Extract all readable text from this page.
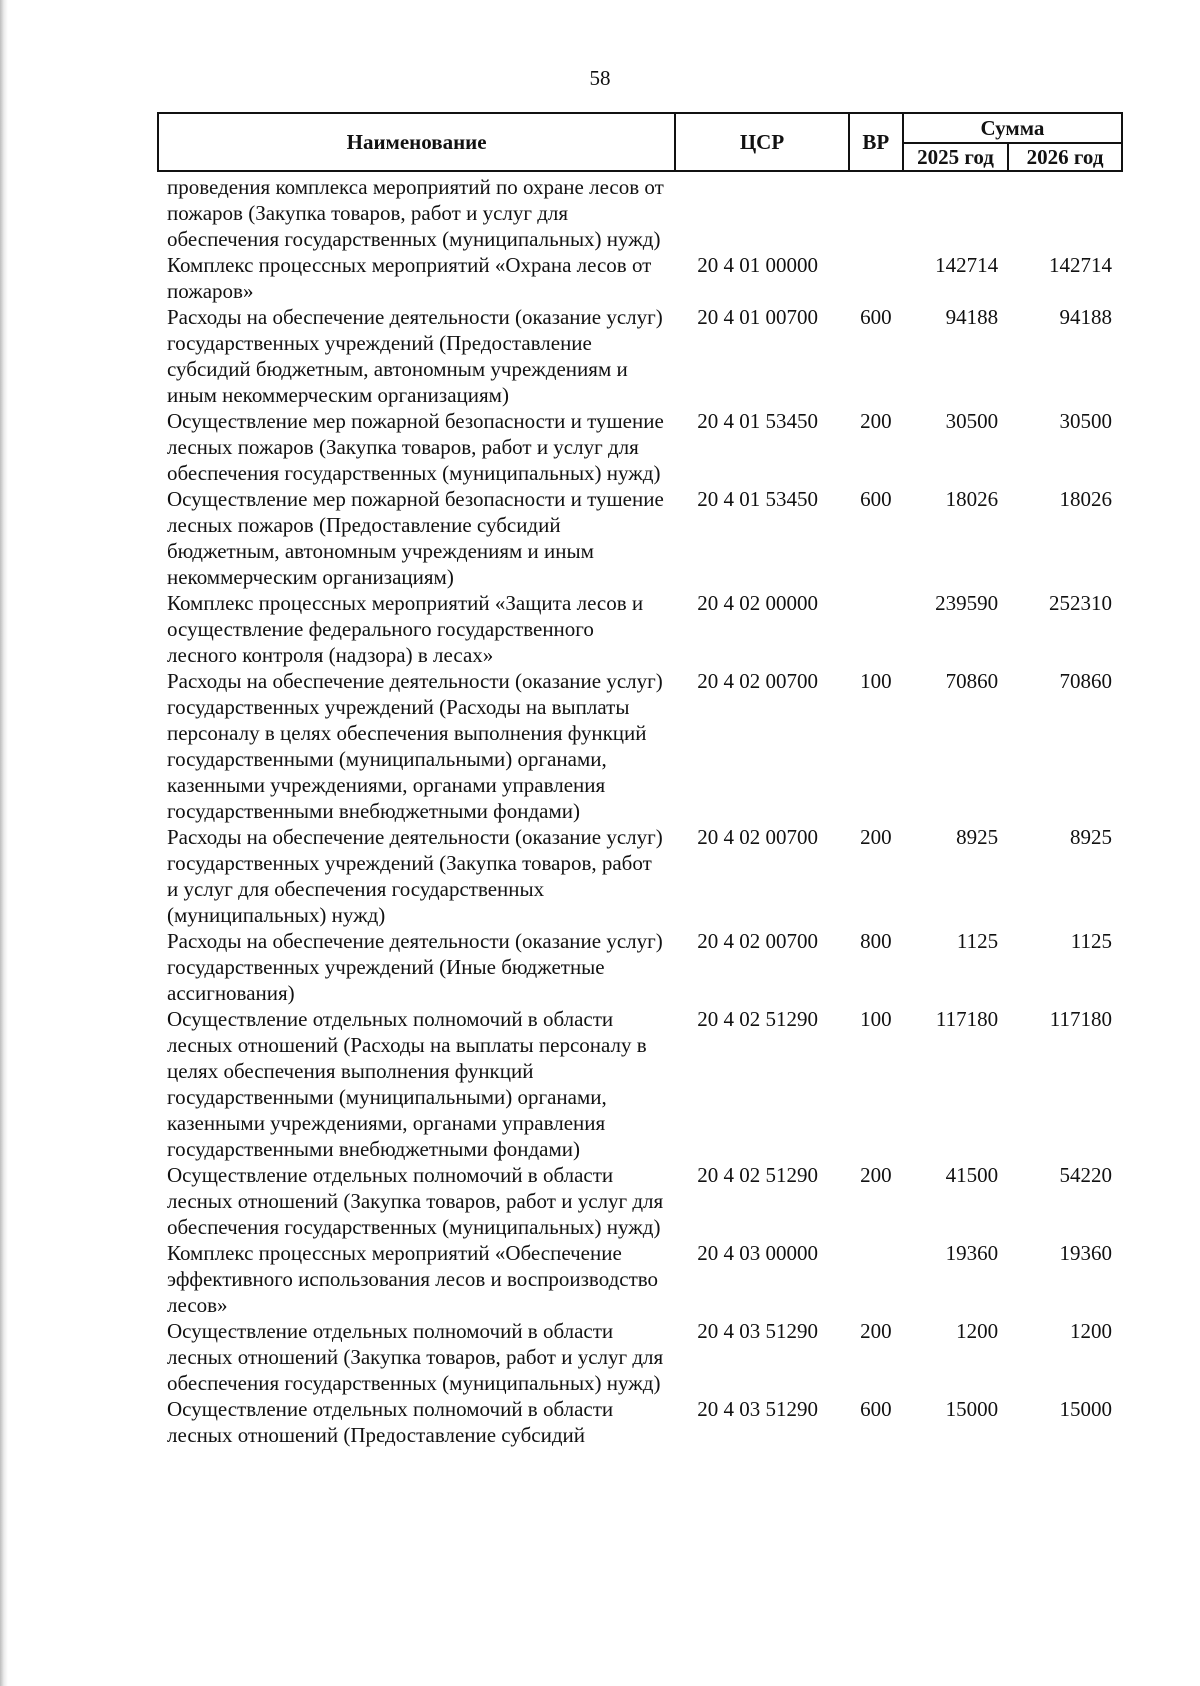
58
Наименование	ЦСР	ВР	Сумма	
			2025 год	2026 год
проведения комплекса мероприятий по охране лесов от пожаров (Закупка товаров, работ и услуг для обеспечения государственных (муниципальных) нужд)				
Комплекс процессных мероприятий «Охрана лесов от пожаров»	20 4 01 00000		142714	142714
Расходы на обеспечение деятельности (оказание услуг) государственных учреждений (Предоставление субсидий бюджетным, автономным учреждениям и иным некоммерческим организациям)	20 4 01 00700	600	94188	94188
Осуществление мер пожарной безопасности и тушение лесных пожаров (Закупка товаров, работ и услуг для обеспечения государственных (муниципальных) нужд)	20 4 01 53450	200	30500	30500
Осуществление мер пожарной безопасности и тушение лесных пожаров (Предоставление субсидий бюджетным, автономным учреждениям и иным некоммерческим организациям)	20 4 01 53450	600	18026	18026
Комплекс процессных мероприятий «Защита лесов и осуществление федерального государственного лесного контроля (надзора) в лесах»	20 4 02 00000		239590	252310
Расходы на обеспечение деятельности (оказание услуг) государственных учреждений (Расходы на выплаты персоналу в целях обеспечения выполнения функций государственными (муниципальными) органами, казенными учреждениями, органами управления государственными внебюджетными фондами)	20 4 02 00700	100	70860	70860
Расходы на обеспечение деятельности (оказание услуг) государственных учреждений (Закупка товаров, работ и услуг для обеспечения государственных (муниципальных) нужд)	20 4 02 00700	200	8925	8925
Расходы на обеспечение деятельности (оказание услуг) государственных учреждений (Иные бюджетные ассигнования)	20 4 02 00700	800	1125	1125
Осуществление отдельных полномочий в области лесных отношений (Расходы на выплаты персоналу в целях обеспечения выполнения функций государственными (муниципальными) органами, казенными учреждениями, органами управления государственными внебюджетными фондами)	20 4 02 51290	100	117180	117180
Осуществление отдельных полномочий в области лесных отношений (Закупка товаров, работ и услуг для обеспечения государственных (муниципальных) нужд)	20 4 02 51290	200	41500	54220
Комплекс процессных мероприятий «Обеспечение эффективного использования лесов и воспроизводство лесов»	20 4 03 00000		19360	19360
Осуществление отдельных полномочий в области лесных отношений (Закупка товаров, работ и услуг для обеспечения государственных (муниципальных) нужд)	20 4 03 51290	200	1200	1200
Осуществление отдельных полномочий в области лесных отношений (Предоставление субсидий	20 4 03 51290	600	15000	15000
